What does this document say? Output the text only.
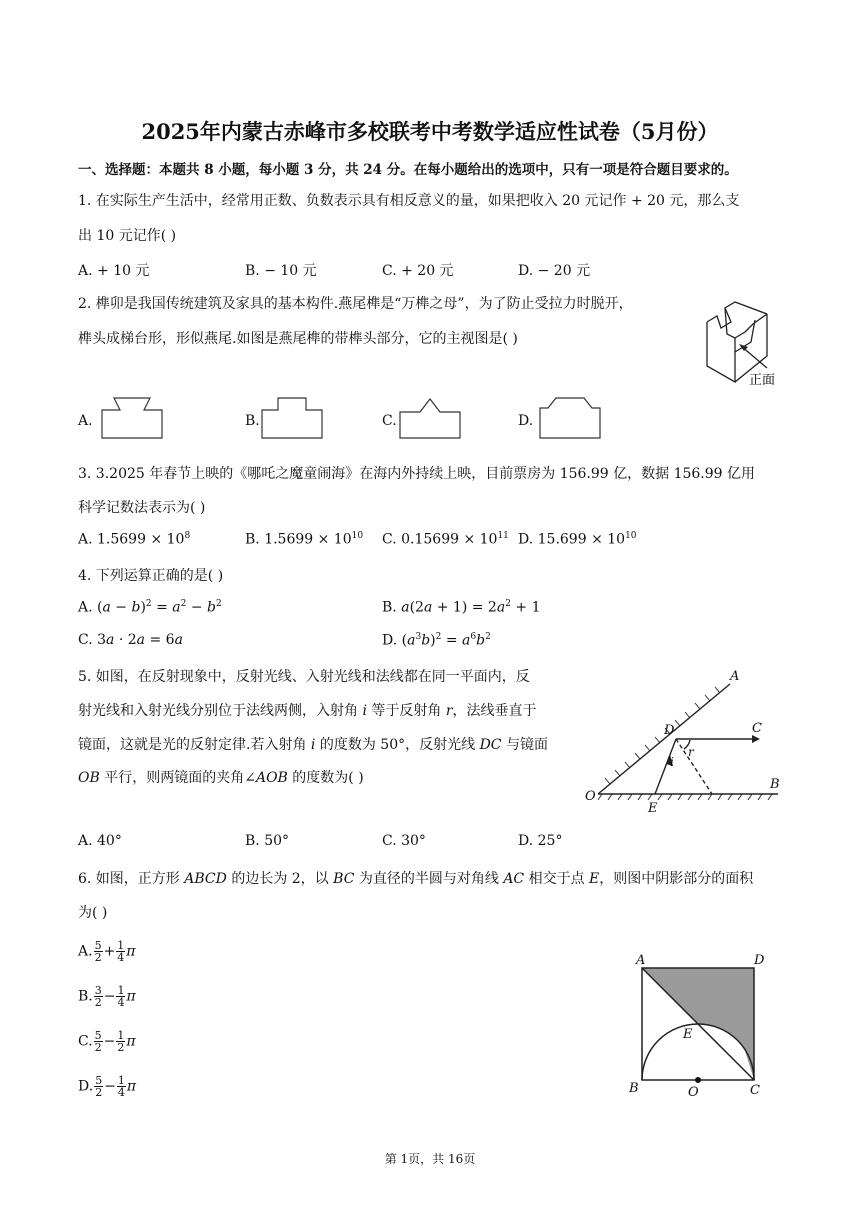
2025年内蒙古赤峰市多校联考中考数学适应性试卷（5月份）
一、选择题：本题共 8 小题，每小题 3 分，共 24 分。在每小题给出的选项中，只有一项是符合题目要求的。
1. 在实际生产生活中，经常用正数、负数表示具有相反意义的量，如果把收入 20 元记作 + 20 元，那么支
出 10 元记作( )
A. + 10 元	B. − 10 元	C. + 20 元	D. − 20 元
2. 榫卯是我国传统建筑及家具的基本构件.燕尾榫是“万榫之母”，为了防止受拉力时脱开，
榫头成梯台形，形似燕尾.如图是燕尾榫的带榫头部分，它的主视图是( )
正面
A.	B.	C.	D.
3. 3.2025 年春节上映的《哪吒之魔童闹海》在海内外持续上映，目前票房为 156.99 亿，数据 156.99 亿用
科学记数法表示为( )
A. $1.5699 \times 10^8$	B. $1.5699 \times 10^{10}$ C. $0.15699 \times 10^{11}$ D. $15.699 \times 10^{10}$
4. 下列运算正确的是( )
A. $(a - b)^2 = a^2 - b^2$	B. $a(2a + 1) = 2a^2 + 1$
C. 3a · 2a = 6a	D. $(a^3b)^2 = a^6b^2$
5. 如图，在反射现象中，反射光线、入射光线和法线都在同一平面内，反
射光线和入射光线分别位于法线两侧，入射角 i 等于反射角 r，法线垂直于
镜面，这就是光的反射定律.若入射角 i 的度数为 50°，反射光线 DC 与镜面
OB 平行，则两镜面的夹角∠AOB 的度数为( )
A
C
D
r
i
O
E
B
A. 40°	B. 50°	C. 30°	D. 25°
6. 如图，正方形 ABCD 的边长为 2，以 BC 为直径的半圆与对角线 AC 相交于点 E，则图中阴影部分的面积
为( )
A. $\frac{5}{2} + \frac{1}{4}$ π
B. $\frac{3}{2} - \frac{1}{4}$ π
C. $\frac{5}{2} - \frac{1}{2}$ π
D. $\frac{5}{2} - \frac{1}{4}$ π
A	D
E
B	O	C
第 1页，共 16页
